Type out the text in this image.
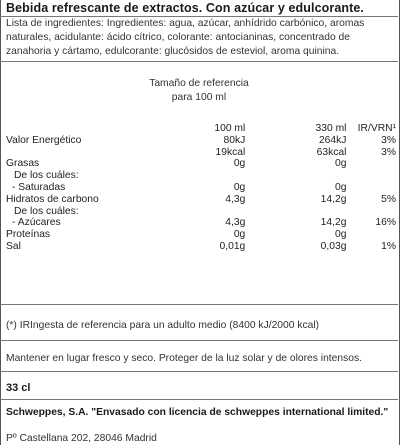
Bebida refrescante de extractos. Con azúcar y edulcorante.
Lista de ingredientes: Ingredientes: agua, azúcar, anhídrido carbónico, aromas naturales, acidulante: ácido cítrico, colorante: antocianinas, concentrado de zanahoria y cártamo, edulcorante: glucósidos de esteviol, aroma quinina.
Tamaño de referencia
para 100 ml
	100 ml	330 ml	IR/VRN¹
Valor Energético	80kJ	264kJ	3%
	19kcal	63kcal	3%
Grasas	0g	0g	
De los cuáles:			
- Saturadas	0g	0g	
Hidratos de carbono	4,3g	14,2g	5%
De los cuáles:			
- Azúcares	4,3g	14,2g	16%
Proteínas	0g	0g	
Sal	0,01g	0,03g	1%
(*) IRIngesta de referencia para un adulto medio (8400 kJ/2000 kcal)
Mantener en lugar fresco y seco. Proteger de la luz solar y de olores intensos.
33 cl
Schweppes, S.A. "Envasado con licencia de schweppes international limited."
Pº Castellana 202, 28046 Madrid
